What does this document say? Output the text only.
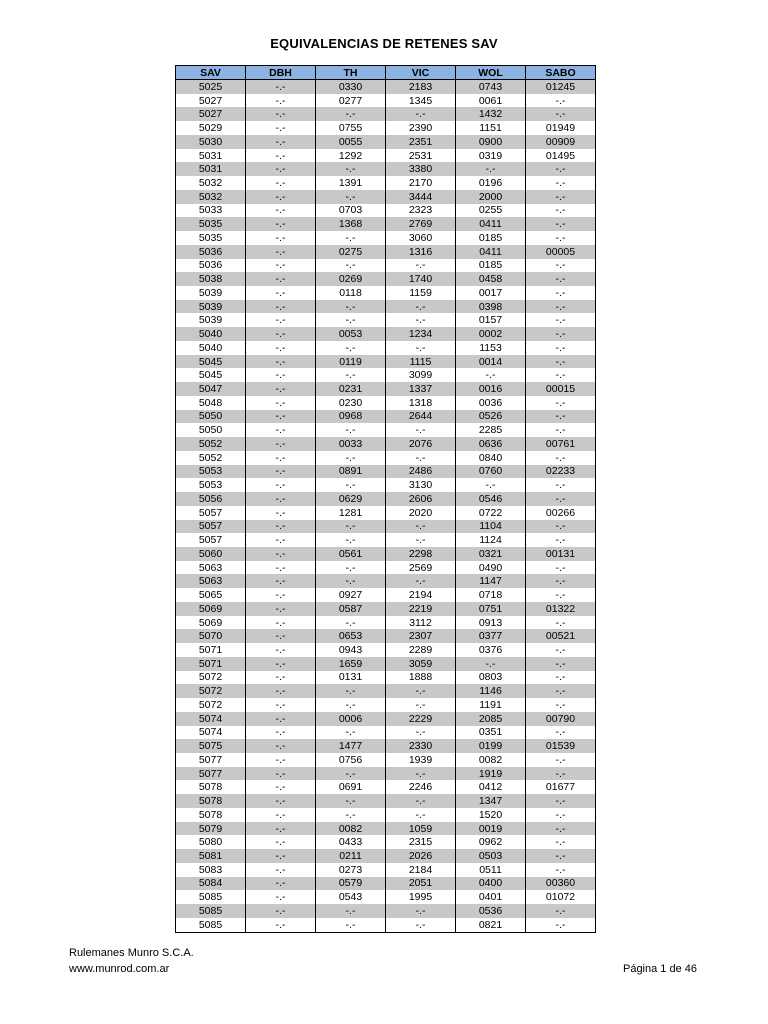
EQUIVALENCIAS DE RETENES SAV
SAV	DBH	TH	VIC	WOL	SABO
5025	-.-	0330	2183	0743	01245
5027	-.-	0277	1345	0061	-.-
5027	-.-	-.-	-.-	1432	-.-
5029	-.-	0755	2390	1151	01949
5030	-.-	0055	2351	0900	00909
5031	-.-	1292	2531	0319	01495
5031	-.-	-.-	3380	-.-	-.-
5032	-.-	1391	2170	0196	-.-
5032	-.-	-.-	3444	2000	-.-
5033	-.-	0703	2323	0255	-.-
5035	-.-	1368	2769	0411	-.-
5035	-.-	-.-	3060	0185	-.-
5036	-.-	0275	1316	0411	00005
5036	-.-	-.-	-.-	0185	-.-
5038	-.-	0269	1740	0458	-.-
5039	-.-	0118	1159	0017	-.-
5039	-.-	-.-	-.-	0398	-.-
5039	-.-	-.-	-.-	0157	-.-
5040	-.-	0053	1234	0002	-.-
5040	-.-	-.-	-.-	1153	-.-
5045	-.-	0119	1115	0014	-.-
5045	-.-	-.-	3099	-.-	-.-
5047	-.-	0231	1337	0016	00015
5048	-.-	0230	1318	0036	-.-
5050	-.-	0968	2644	0526	-.-
5050	-.-	-.-	-.-	2285	-.-
5052	-.-	0033	2076	0636	00761
5052	-.-	-.-	-.-	0840	-.-
5053	-.-	0891	2486	0760	02233
5053	-.-	-.-	3130	-.-	-.-
5056	-.-	0629	2606	0546	-.-
5057	-.-	1281	2020	0722	00266
5057	-.-	-.-	-.-	1104	-.-
5057	-.-	-.-	-.-	1124	-.-
5060	-.-	0561	2298	0321	00131
5063	-.-	-.-	2569	0490	-.-
5063	-.-	-.-	-.-	1147	-.-
5065	-.-	0927	2194	0718	-.-
5069	-.-	0587	2219	0751	01322
5069	-.-	-.-	3112	0913	-.-
5070	-.-	0653	2307	0377	00521
5071	-.-	0943	2289	0376	-.-
5071	-.-	1659	3059	-.-	-.-
5072	-.-	0131	1888	0803	-.-
5072	-.-	-.-	-.-	1146	-.-
5072	-.-	-.-	-.-	1191	-.-
5074	-.-	0006	2229	2085	00790
5074	-.-	-.-	-.-	0351	-.-
5075	-.-	1477	2330	0199	01539
5077	-.-	0756	1939	0082	-.-
5077	-.-	-.-	-.-	1919	-.-
5078	-.-	0691	2246	0412	01677
5078	-.-	-.-	-.-	1347	-.-
5078	-.-	-.-	-.-	1520	-.-
5079	-.-	0082	1059	0019	-.-
5080	-.-	0433	2315	0962	-.-
5081	-.-	0211	2026	0503	-.-
5083	-.-	0273	2184	0511	-.-
5084	-.-	0579	2051	0400	00360
5085	-.-	0543	1995	0401	01072
5085	-.-	-.-	-.-	0536	-.-
5085	-.-	-.-	-.-	0821	-.-
Rulemanes Munro S.C.A.
www.munrod.com.ar	Página 1 de 46
